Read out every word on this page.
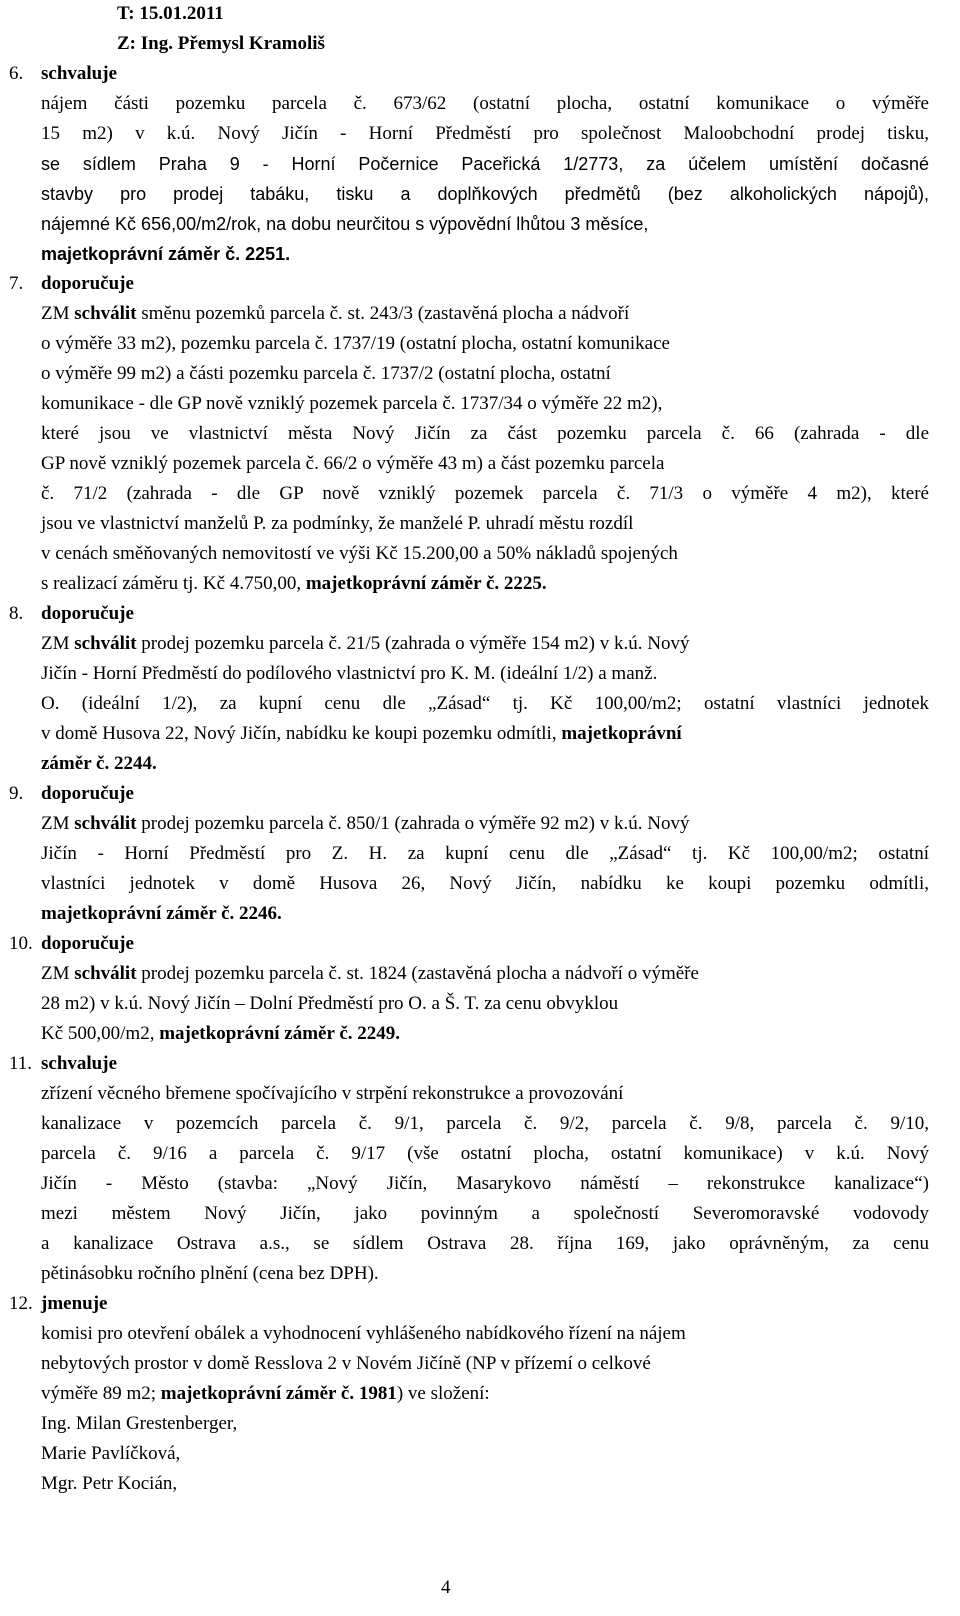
T: 15.01.2011
Z: Ing. Přemysl Kramoliš
6. schvaluje
nájem části pozemku parcela č. 673/62 (ostatní plocha, ostatní komunikace o výměře
15 m2) v k.ú. Nový Jičín - Horní Předměstí pro společnost Maloobchodní prodej tisku,
se sídlem Praha 9 - Horní Počernice Paceřická 1/2773, za účelem umístění dočasné
stavby pro prodej tabáku, tisku a doplňkových předmětů (bez alkoholických nápojů),
nájemné Kč 656,00/m2/rok, na dobu neurčitou s výpovědní lhůtou 3 měsíce,
majetkoprávní záměr č. 2251.
7. doporučuje
ZM schválit směnu pozemků parcela č. st. 243/3 (zastavěná plocha a nádvoří
o výměře 33 m2), pozemku parcela č. 1737/19 (ostatní plocha, ostatní komunikace
o výměře 99 m2) a části pozemku parcela č. 1737/2 (ostatní plocha, ostatní
komunikace - dle GP nově vzniklý pozemek parcela č. 1737/34 o výměře 22 m2),
které jsou ve vlastnictví města Nový Jičín za část pozemku parcela č. 66 (zahrada - dle
GP nově vzniklý pozemek parcela č. 66/2 o výměře 43 m) a část pozemku parcela
č. 71/2 (zahrada - dle GP nově vzniklý pozemek parcela č. 71/3 o výměře 4 m2), které
jsou ve vlastnictví manželů P. za podmínky, že manželé P. uhradí městu rozdíl
v cenách směňovaných nemovitostí ve výši Kč 15.200,00 a 50% nákladů spojených
s realizací záměru tj. Kč 4.750,00, majetkoprávní záměr č. 2225.
8. doporučuje
ZM schválit prodej pozemku parcela č. 21/5 (zahrada o výměře 154 m2) v k.ú. Nový
Jičín - Horní Předměstí do podílového vlastnictví pro K. M. (ideální 1/2) a manž.
O. (ideální 1/2), za kupní cenu dle „Zásad“ tj. Kč 100,00/m2; ostatní vlastníci jednotek
v domě Husova 22, Nový Jičín, nabídku ke koupi pozemku odmítli, majetkoprávní
záměr č. 2244.
9. doporučuje
ZM schválit prodej pozemku parcela č. 850/1 (zahrada o výměře 92 m2) v k.ú. Nový
Jičín - Horní Předměstí pro Z. H. za kupní cenu dle „Zásad“ tj. Kč 100,00/m2; ostatní
vlastníci jednotek v domě Husova 26, Nový Jičín, nabídku ke koupi pozemku odmítli,
majetkoprávní záměr č. 2246.
10. doporučuje
ZM schválit prodej pozemku parcela č. st. 1824 (zastavěná plocha a nádvoří o výměře
28 m2) v k.ú. Nový Jičín – Dolní Předměstí pro O. a Š. T. za cenu obvyklou
Kč 500,00/m2, majetkoprávní záměr č. 2249.
11. schvaluje
zřízení věcného břemene spočívajícího v strpění rekonstrukce a provozování
kanalizace v pozemcích parcela č. 9/1, parcela č. 9/2, parcela č. 9/8, parcela č. 9/10,
parcela č. 9/16 a parcela č. 9/17 (vše ostatní plocha, ostatní komunikace) v k.ú. Nový
Jičín - Město (stavba: „Nový Jičín, Masarykovo náměstí – rekonstrukce kanalizace“)
mezi městem Nový Jičín, jako povinným a společností Severomoravské vodovody
a kanalizace Ostrava a.s., se sídlem Ostrava 28. října 169, jako oprávněným, za cenu
pětinásobku ročního plnění (cena bez DPH).
12. jmenuje
komisi pro otevření obálek a vyhodnocení vyhlášeného nabídkového řízení na nájem
nebytových prostor v domě Resslova 2 v Novém Jičíně (NP v přízemí o celkové
výměře 89 m2; majetkoprávní záměr č. 1981) ve složení:
Ing. Milan Grestenberger,
Marie Pavlíčková,
Mgr. Petr Kocián,
4
